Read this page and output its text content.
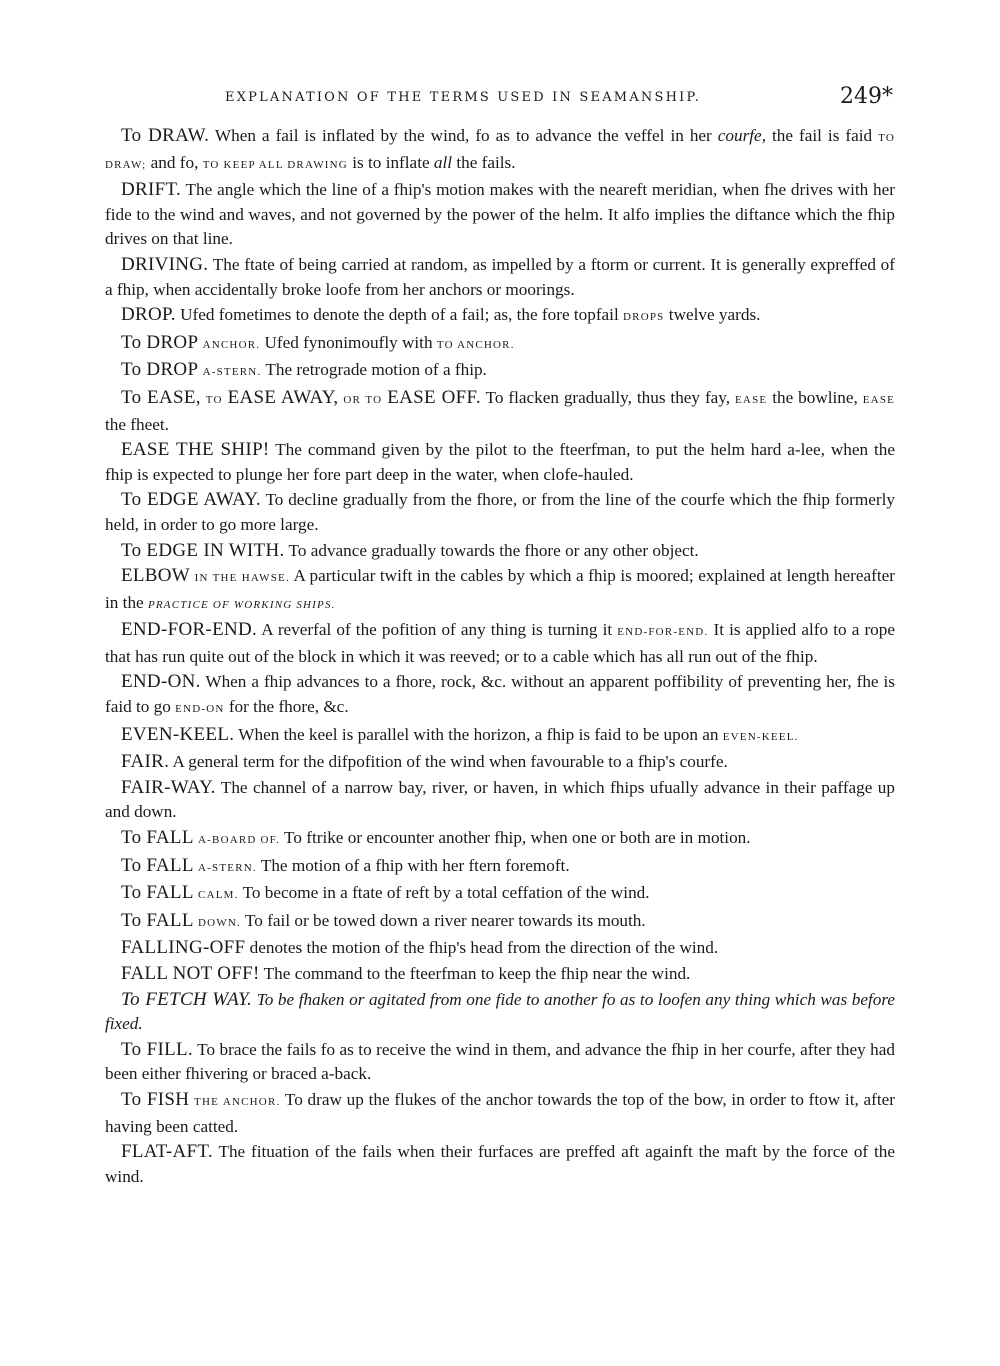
EXPLANATION OF THE TERMS USED IN SEAMANSHIP.	249*

To DRAW. When a fail is inflated by the wind, fo as to advance the veffel in her courfe, the fail is faid TO DRAW; and fo, TO KEEP ALL DRAWING is to inflate all the fails.

DRIFT. The angle which the line of a fhip's motion makes with the neareft meridian, when fhe drives with her fide to the wind and waves, and not governed by the power of the helm. It alfo implies the diftance which the fhip drives on that line.

DRIVING. The ftate of being carried at random, as impelled by a ftorm or current. It is generally expreffed of a fhip, when accidentally broke loofe from her anchors or moorings.

DROP. Ufed fometimes to denote the depth of a fail; as, the fore topfail DROPS twelve yards.

To DROP ANCHOR. Ufed fynonimoufly with TO ANCHOR.

To DROP A-STERN. The retrograde motion of a fhip.

To EASE, TO EASE AWAY, OR TO EASE OFF. To flacken gradually, thus they fay, EASE the bowline, EASE the fheet.

EASE THE SHIP! The command given by the pilot to the fteerfman, to put the helm hard a-lee, when the fhip is expected to plunge her fore part deep in the water, when clofe-hauled.

To EDGE AWAY. To decline gradually from the fhore, or from the line of the courfe which the fhip formerly held, in order to go more large.

To EDGE IN WITH. To advance gradually towards the fhore or any other object.

ELBOW IN THE HAWSE. A particular twift in the cables by which a fhip is moored; explained at length hereafter in the PRACTICE OF WORKING SHIPS.

END-FOR-END. A reverfal of the pofition of any thing is turning it END-FOR-END. It is applied alfo to a rope that has run quite out of the block in which it was reeved; or to a cable which has all run out of the fhip.

END-ON. When a fhip advances to a fhore, rock, &c. without an apparent poffibility of preventing her, fhe is faid to go END-ON for the fhore, &c.

EVEN-KEEL. When the keel is parallel with the horizon, a fhip is faid to be upon an EVEN-KEEL.

FAIR. A general term for the difpofition of the wind when favourable to a fhip's courfe.

FAIR-WAY. The channel of a narrow bay, river, or haven, in which fhips ufually advance in their paffage up and down.

To FALL A-BOARD OF. To ftrike or encounter another fhip, when one or both are in motion.

To FALL A-STERN. The motion of a fhip with her ftern foremoft.

To FALL CALM. To become in a ftate of reft by a total ceffation of the wind.

To FALL DOWN. To fail or be towed down a river nearer towards its mouth.

FALLING-OFF denotes the motion of the fhip's head from the direction of the wind.

FALL NOT OFF! The command to the fteerfman to keep the fhip near the wind.

To FETCH WAY. To be fhaken or agitated from one fide to another fo as to loofen any thing which was before fixed.

To FILL. To brace the fails fo as to receive the wind in them, and advance the fhip in her courfe, after they had been either fhivering or braced a-back.

To FISH THE ANCHOR. To draw up the flukes of the anchor towards the top of the bow, in order to ftow it, after having been catted.

FLAT-AFT. The fituation of the fails when their furfaces are preffed aft againft the maft by the force of the wind.
